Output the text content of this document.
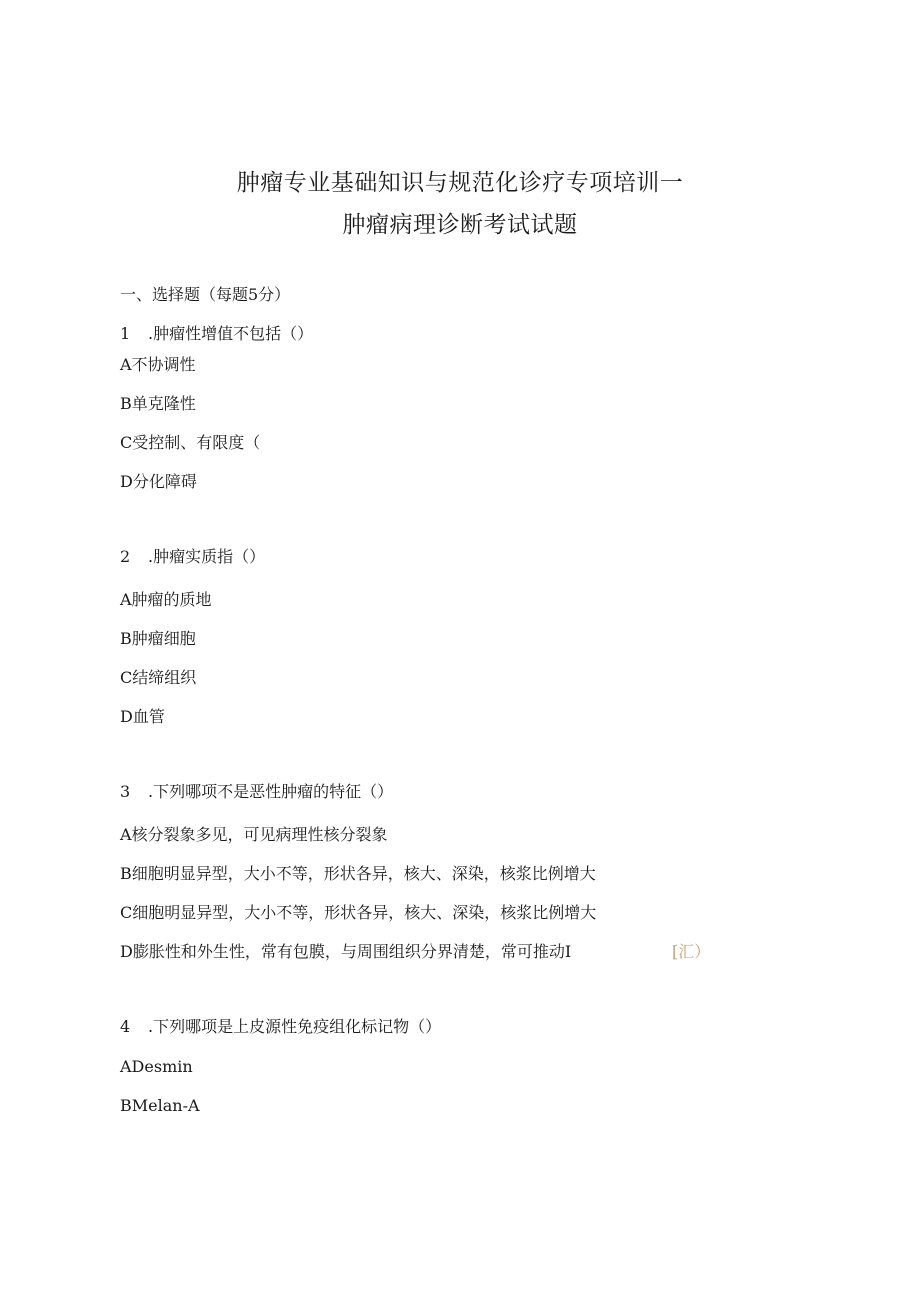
肿瘤专业基础知识与规范化诊疗专项培训一
肿瘤病理诊断考试试题
一、选择题（每题5分）
1 .肿瘤性增值不包括（）
A不协调性
B单克隆性
C受控制、有限度（
D分化障碍
2 .肿瘤实质指（）
A肿瘤的质地
B肿瘤细胞
C结缔组织
D血管
3 .下列哪项不是恶性肿瘤的特征（）
A核分裂象多见，可见病理性核分裂象
B细胞明显异型，大小不等，形状各异，核大、深染，核浆比例增大
C细胞明显异型，大小不等，形状各异，核大、深染，核浆比例增大
D膨胀性和外生性，常有包膜，与周围组织分界清楚，常可推动I	[汇）
4 .下列哪项是上皮源性免疫组化标记物（）
ADesmin
BMelan-A
